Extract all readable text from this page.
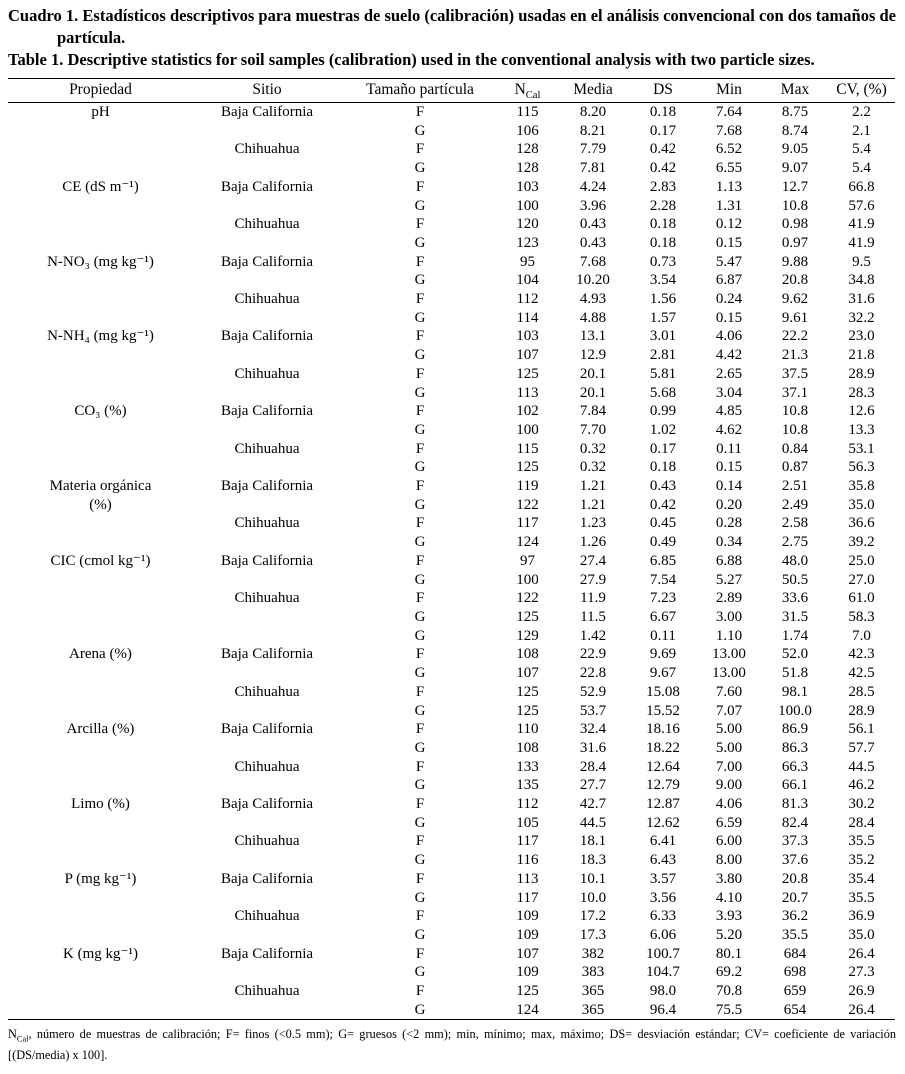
Cuadro 1. Estadísticos descriptivos para muestras de suelo (calibración) usadas en el análisis convencional con dos tamaños de partícula.

Table 1. Descriptive statistics for soil samples (calibration) used in the conventional analysis with two particle sizes.

Propiedad	Sitio	Tamaño partícula	$N_{Cal}$	Media	DS	Min	Max	CV, (%)
pH	Baja California	F	115	8.20	0.18	7.64	8.75	2.2
		G	106	8.21	0.17	7.68	8.74	2.1
	Chihuahua	F	128	7.79	0.42	6.52	9.05	5.4
		G	128	7.81	0.42	6.55	9.07	5.4
CE (dS m⁻¹)	Baja California	F	103	4.24	2.83	1.13	12.7	66.8
		G	100	3.96	2.28	1.31	10.8	57.6
	Chihuahua	F	120	0.43	0.18	0.12	0.98	41.9
		G	123	0.43	0.18	0.15	0.97	41.9
N-NO₃ (mg kg⁻¹)	Baja California	F	95	7.68	0.73	5.47	9.88	9.5
		G	104	10.20	3.54	6.87	20.8	34.8
	Chihuahua	F	112	4.93	1.56	0.24	9.62	31.6
		G	114	4.88	1.57	0.15	9.61	32.2
N-NH₄ (mg kg⁻¹)	Baja California	F	103	13.1	3.01	4.06	22.2	23.0
		G	107	12.9	2.81	4.42	21.3	21.8
	Chihuahua	F	125	20.1	5.81	2.65	37.5	28.9
		G	113	20.1	5.68	3.04	37.1	28.3
CO₃ (%)	Baja California	F	102	7.84	0.99	4.85	10.8	12.6
		G	100	7.70	1.02	4.62	10.8	13.3
	Chihuahua	F	115	0.32	0.17	0.11	0.84	53.1
		G	125	0.32	0.18	0.15	0.87	56.3
Materia orgánica	Baja California	F	119	1.21	0.43	0.14	2.51	35.8
(%)		G	122	1.21	0.42	0.20	2.49	35.0
	Chihuahua	F	117	1.23	0.45	0.28	2.58	36.6
		G	124	1.26	0.49	0.34	2.75	39.2
CIC (cmol kg⁻¹)	Baja California	F	97	27.4	6.85	6.88	48.0	25.0
		G	100	27.9	7.54	5.27	50.5	27.0
	Chihuahua	F	122	11.9	7.23	2.89	33.6	61.0
		G	125	11.5	6.67	3.00	31.5	58.3
		G	129	1.42	0.11	1.10	1.74	7.0
Arena (%)	Baja California	F	108	22.9	9.69	13.00	52.0	42.3
		G	107	22.8	9.67	13.00	51.8	42.5
	Chihuahua	F	125	52.9	15.08	7.60	98.1	28.5
		G	125	53.7	15.52	7.07	100.0	28.9
Arcilla (%)	Baja California	F	110	32.4	18.16	5.00	86.9	56.1
		G	108	31.6	18.22	5.00	86.3	57.7
	Chihuahua	F	133	28.4	12.64	7.00	66.3	44.5
		G	135	27.7	12.79	9.00	66.1	46.2
Limo (%)	Baja California	F	112	42.7	12.87	4.06	81.3	30.2
		G	105	44.5	12.62	6.59	82.4	28.4
	Chihuahua	F	117	18.1	6.41	6.00	37.3	35.5
		G	116	18.3	6.43	8.00	37.6	35.2
P (mg kg⁻¹)	Baja California	F	113	10.1	3.57	3.80	20.8	35.4
		G	117	10.0	3.56	4.10	20.7	35.5
	Chihuahua	F	109	17.2	6.33	3.93	36.2	36.9
		G	109	17.3	6.06	5.20	35.5	35.0
K (mg kg⁻¹)	Baja California	F	107	382	100.7	80.1	684	26.4
		G	109	383	104.7	69.2	698	27.3
	Chihuahua	F	125	365	98.0	70.8	659	26.9
		G	124	365	96.4	75.5	654	26.4

$N_{Cal}$, número de muestras de calibración; F= finos (<0.5 mm); G= gruesos (<2 mm); min, mínimo; max, máximo; DS= desviación estándar; CV= coeficiente de variación [(DS/media) x 100].
